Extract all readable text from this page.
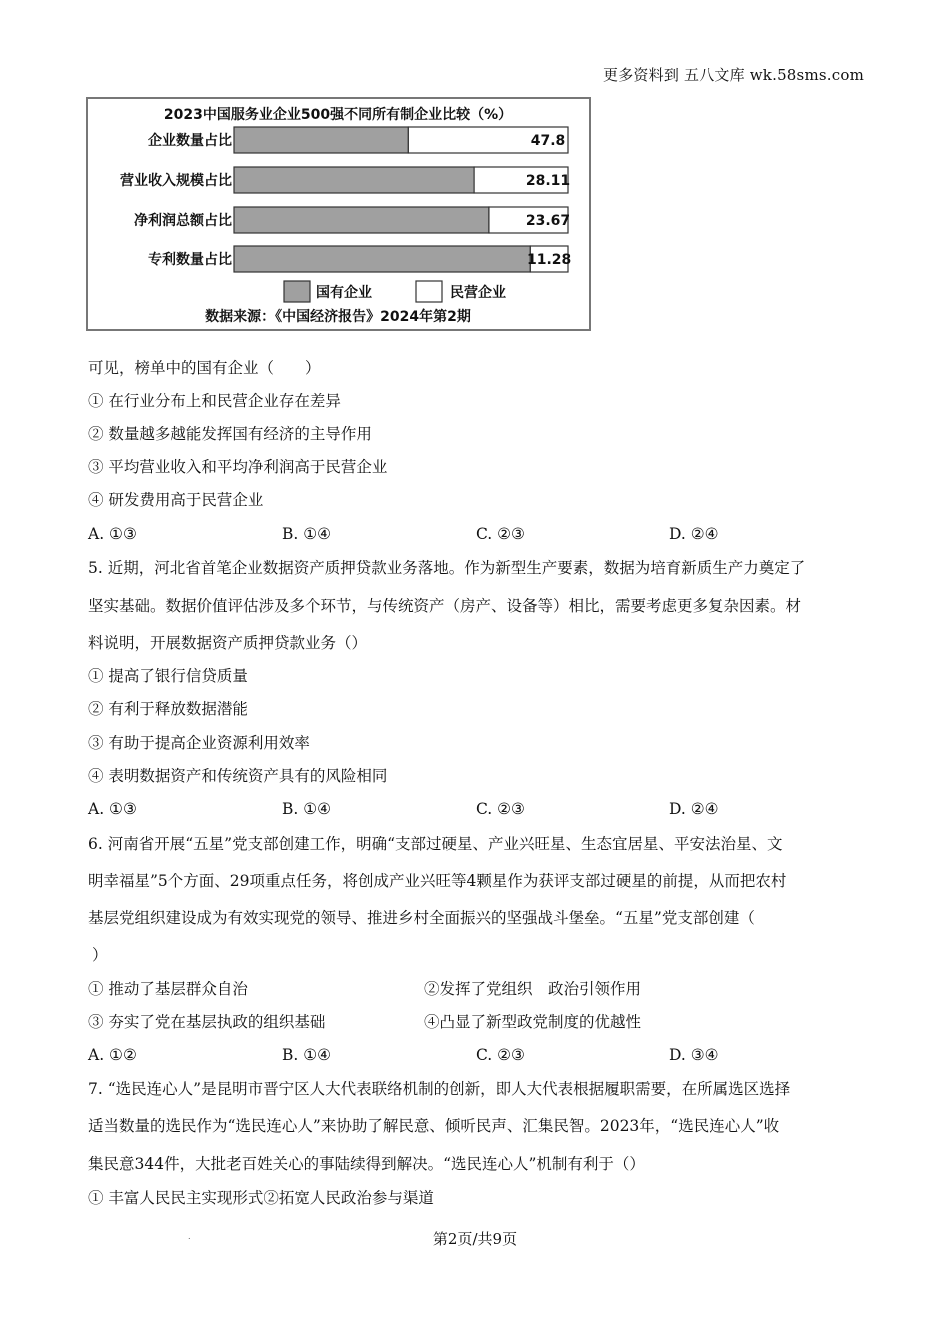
更多资料到 五八文库 wk.58sms.com
2023中国服务业企业500强不同所有制企业比较（%）
企业数量占比	47.8
营业收入规模占比	28.11
净利润总额占比	23.67
专利数量占比	11.28
国有企业	民营企业
数据来源：《中国经济报告》2024年第2期
可见，榜单中的国有企业（　　）
① 在行业分布上和民营企业存在差异
② 数量越多越能发挥国有经济的主导作用
③ 平均营业收入和平均净利润高于民营企业
④ 研发费用高于民营企业
A. ①③	B. ①④	C. ②③	D. ②④
5. 近期，河北省首笔企业数据资产质押贷款业务落地。作为新型生产要素，数据为培育新质生产力奠定了
坚实基础。数据价值评估涉及多个环节，与传统资产（房产、设备等）相比，需要考虑更多复杂因素。材
料说明，开展数据资产质押贷款业务（）
① 提高了银行信贷质量
② 有利于释放数据潜能
③ 有助于提高企业资源利用效率
④ 表明数据资产和传统资产具有的风险相同
A. ①③	B. ①④	C. ②③	D. ②④
6. 河南省开展“五星”党支部创建工作，明确“支部过硬星、产业兴旺星、生态宜居星、平安法治星、文
明幸福星”5个方面、29项重点任务，将创成产业兴旺等4颗星作为获评支部过硬星的前提，从而把农村
基层党组织建设成为有效实现党的领导、推进乡村全面振兴的坚强战斗堡垒。“五星”党支部创建（
）
① 推动了基层群众自治	②发挥了党组织　政治引领作用
③ 夯实了党在基层执政的组织基础	④凸显了新型政党制度的优越性
A. ①②	B. ①④	C. ②③	D. ③④
7. “选民连心人”是昆明市晋宁区人大代表联络机制的创新，即人大代表根据履职需要，在所属选区选择
适当数量的选民作为“选民连心人”来协助了解民意、倾听民声、汇集民智。2023年，“选民连心人”收
集民意344件，大批老百姓关心的事陆续得到解决。“选民连心人”机制有利于（）
① 丰富人民民主实现形式②拓宽人民政治参与渠道
.	第2页/共9页
